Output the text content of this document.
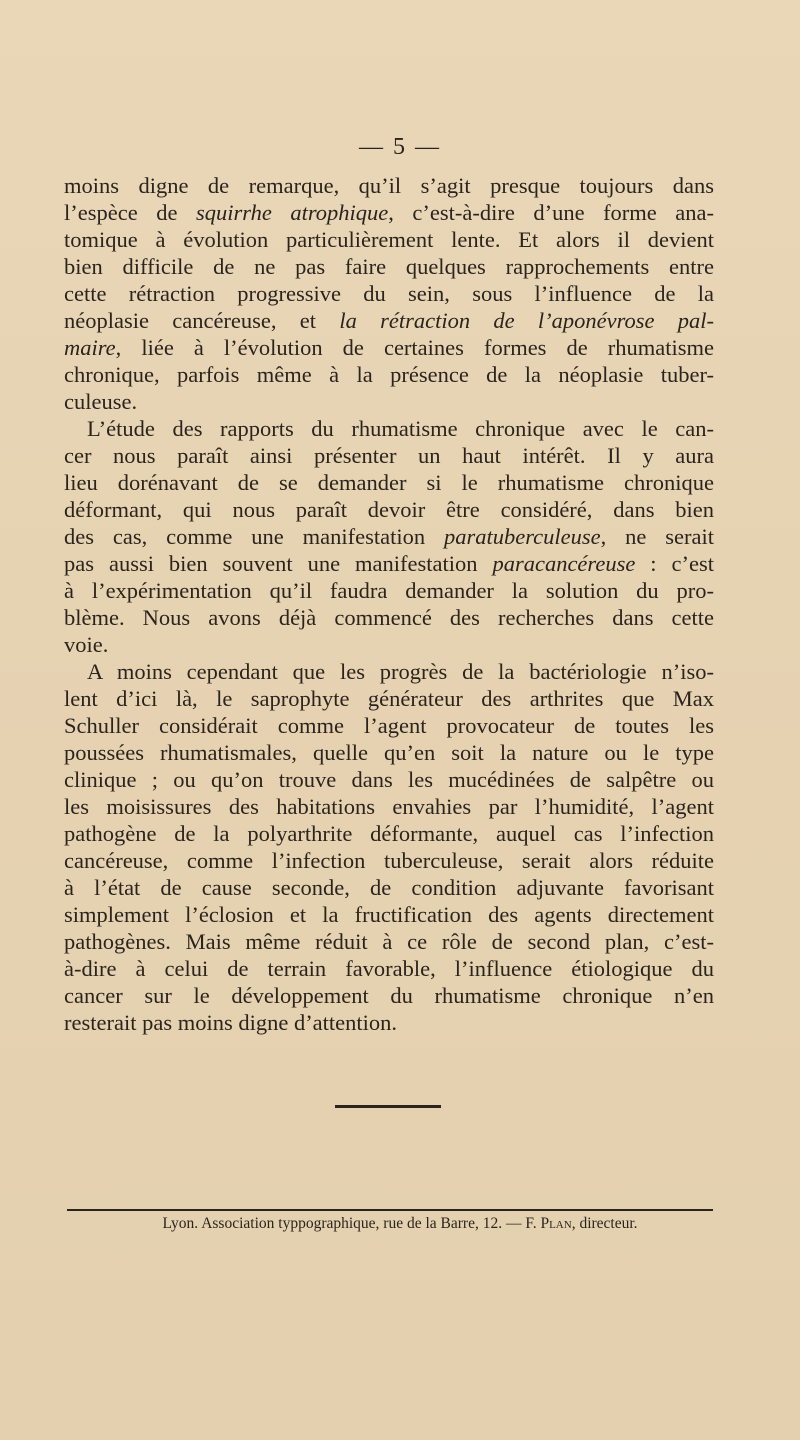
— 5 —
moins digne de remarque, qu’il s’agit presque toujours dans
l’espèce de squirrhe atrophique, c’est-à-dire d’une forme ana-
tomique à évolution particulièrement lente. Et alors il devient
bien difficile de ne pas faire quelques rapprochements entre
cette rétraction progressive du sein, sous l’influence de la
néoplasie cancéreuse, et la rétraction de l’aponévrose pal-
maire, liée à l’évolution de certaines formes de rhumatisme
chronique, parfois même à la présence de la néoplasie tuber-
culeuse.
L’étude des rapports du rhumatisme chronique avec le can-
cer nous paraît ainsi présenter un haut intérêt. Il y aura
lieu dorénavant de se demander si le rhumatisme chronique
déformant, qui nous paraît devoir être considéré, dans bien
des cas, comme une manifestation paratuberculeuse, ne serait
pas aussi bien souvent une manifestation paracancéreuse : c’est
à l’expérimentation qu’il faudra demander la solution du pro-
blème. Nous avons déjà commencé des recherches dans cette
voie.
A moins cependant que les progrès de la bactériologie n’iso-
lent d’ici là, le saprophyte générateur des arthrites que Max
Schuller considérait comme l’agent provocateur de toutes les
poussées rhumatismales, quelle qu’en soit la nature ou le type
clinique ; ou qu’on trouve dans les mucédinées de salpêtre ou
les moisissures des habitations envahies par l’humidité, l’agent
pathogène de la polyarthrite déformante, auquel cas l’infection
cancéreuse, comme l’infection tuberculeuse, serait alors réduite
à l’état de cause seconde, de condition adjuvante favorisant
simplement l’éclosion et la fructification des agents directement
pathogènes. Mais même réduit à ce rôle de second plan, c’est-
à-dire à celui de terrain favorable, l’influence étiologique du
cancer sur le développement du rhumatisme chronique n’en
resterait pas moins digne d’attention.
Lyon. Association typpographique, rue de la Barre, 12. — F. Plan, directeur.
